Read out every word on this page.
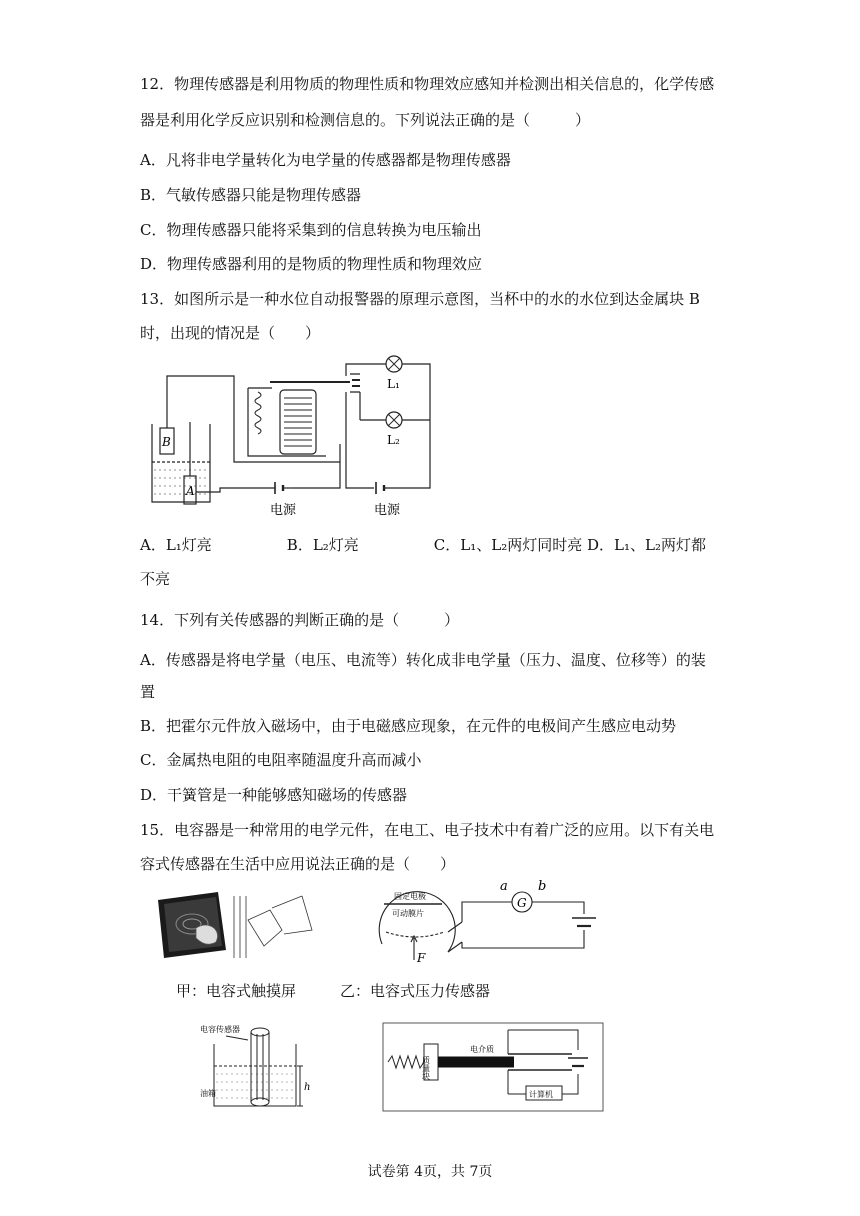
12．物理传感器是利用物质的物理性质和物理效应感知并检测出相关信息的，化学传感
器是利用化学反应识别和检测信息的。下列说法正确的是（　　　）
A．凡将非电学量转化为电学量的传感器都是物理传感器
B．气敏传感器只能是物理传感器
C．物理传感器只能将采集到的信息转换为电压输出
D．物理传感器利用的是物质的物理性质和物理效应
13．如图所示是一种水位自动报警器的原理示意图，当杯中的水的水位到达金属块 B
时，出现的情况是（　　）
B
A
L₁
L₂
电源	电源
A．L₁灯亮　　　　　B．L₂灯亮　　　　　C．L₁、L₂两灯同时亮 D．L₁、L₂两灯都
不亮
14．下列有关传感器的判断正确的是（　　　）
A．传感器是将电学量（电压、电流等）转化成非电学量（压力、温度、位移等）的装
置
B．把霍尔元件放入磁场中，由于电磁感应现象，在元件的电极间产生感应电动势
C．金属热电阻的电阻率随温度升高而减小
D．干簧管是一种能够感知磁场的传感器
15．电容器是一种常用的电学元件，在电工、电子技术中有着广泛的应用。以下有关电
容式传感器在生活中应用说法正确的是（　　）
固定电极
可动膜片
F
a
G
b
甲：电容式触摸屏	乙：电容式压力传感器
电容传感器
油箱
h
质量块
电介质
计算机
试卷第 4页，共 7页
